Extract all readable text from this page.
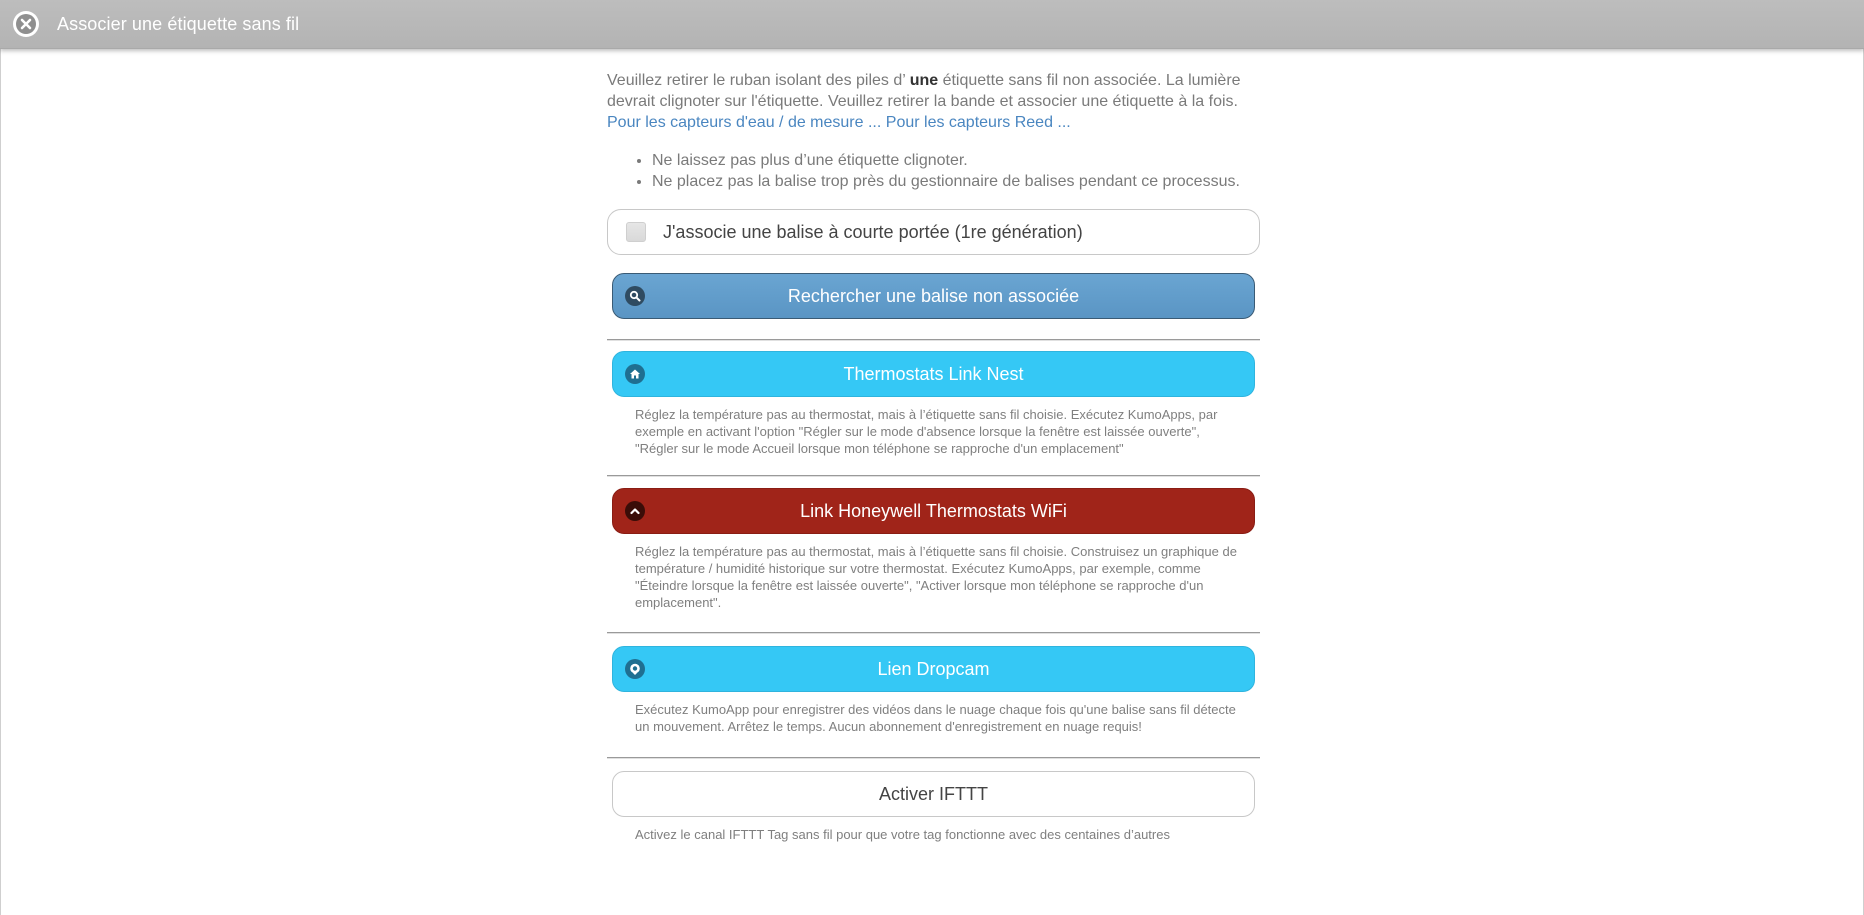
Associer une étiquette sans fil
Veuillez retirer le ruban isolant des piles d’ une étiquette sans fil non associée. La lumière devrait clignoter sur l'étiquette. Veuillez retirer la bande et associer une étiquette à la fois.
Pour les capteurs d'eau / de mesure ... Pour les capteurs Reed ...
• Ne laissez pas plus d’une étiquette clignoter.
• Ne placez pas la balise trop près du gestionnaire de balises pendant ce processus.
J'associe une balise à courte portée (1re génération)
Rechercher une balise non associée
Thermostats Link Nest
Réglez la température pas au thermostat, mais à l’étiquette sans fil choisie. Exécutez KumoApps, par exemple en activant l'option "Régler sur le mode d'absence lorsque la fenêtre est laissée ouverte", "Régler sur le mode Accueil lorsque mon téléphone se rapproche d'un emplacement"
Link Honeywell Thermostats WiFi
Réglez la température pas au thermostat, mais à l’étiquette sans fil choisie. Construisez un graphique de température / humidité historique sur votre thermostat. Exécutez KumoApps, par exemple, comme "Éteindre lorsque la fenêtre est laissée ouverte", "Activer lorsque mon téléphone se rapproche d'un emplacement".
Lien Dropcam
Exécutez KumoApp pour enregistrer des vidéos dans le nuage chaque fois qu'une balise sans fil détecte un mouvement. Arrêtez le temps. Aucun abonnement d'enregistrement en nuage requis!
Activer IFTTT
Activez le canal IFTTT Tag sans fil pour que votre tag fonctionne avec des centaines d’autres
